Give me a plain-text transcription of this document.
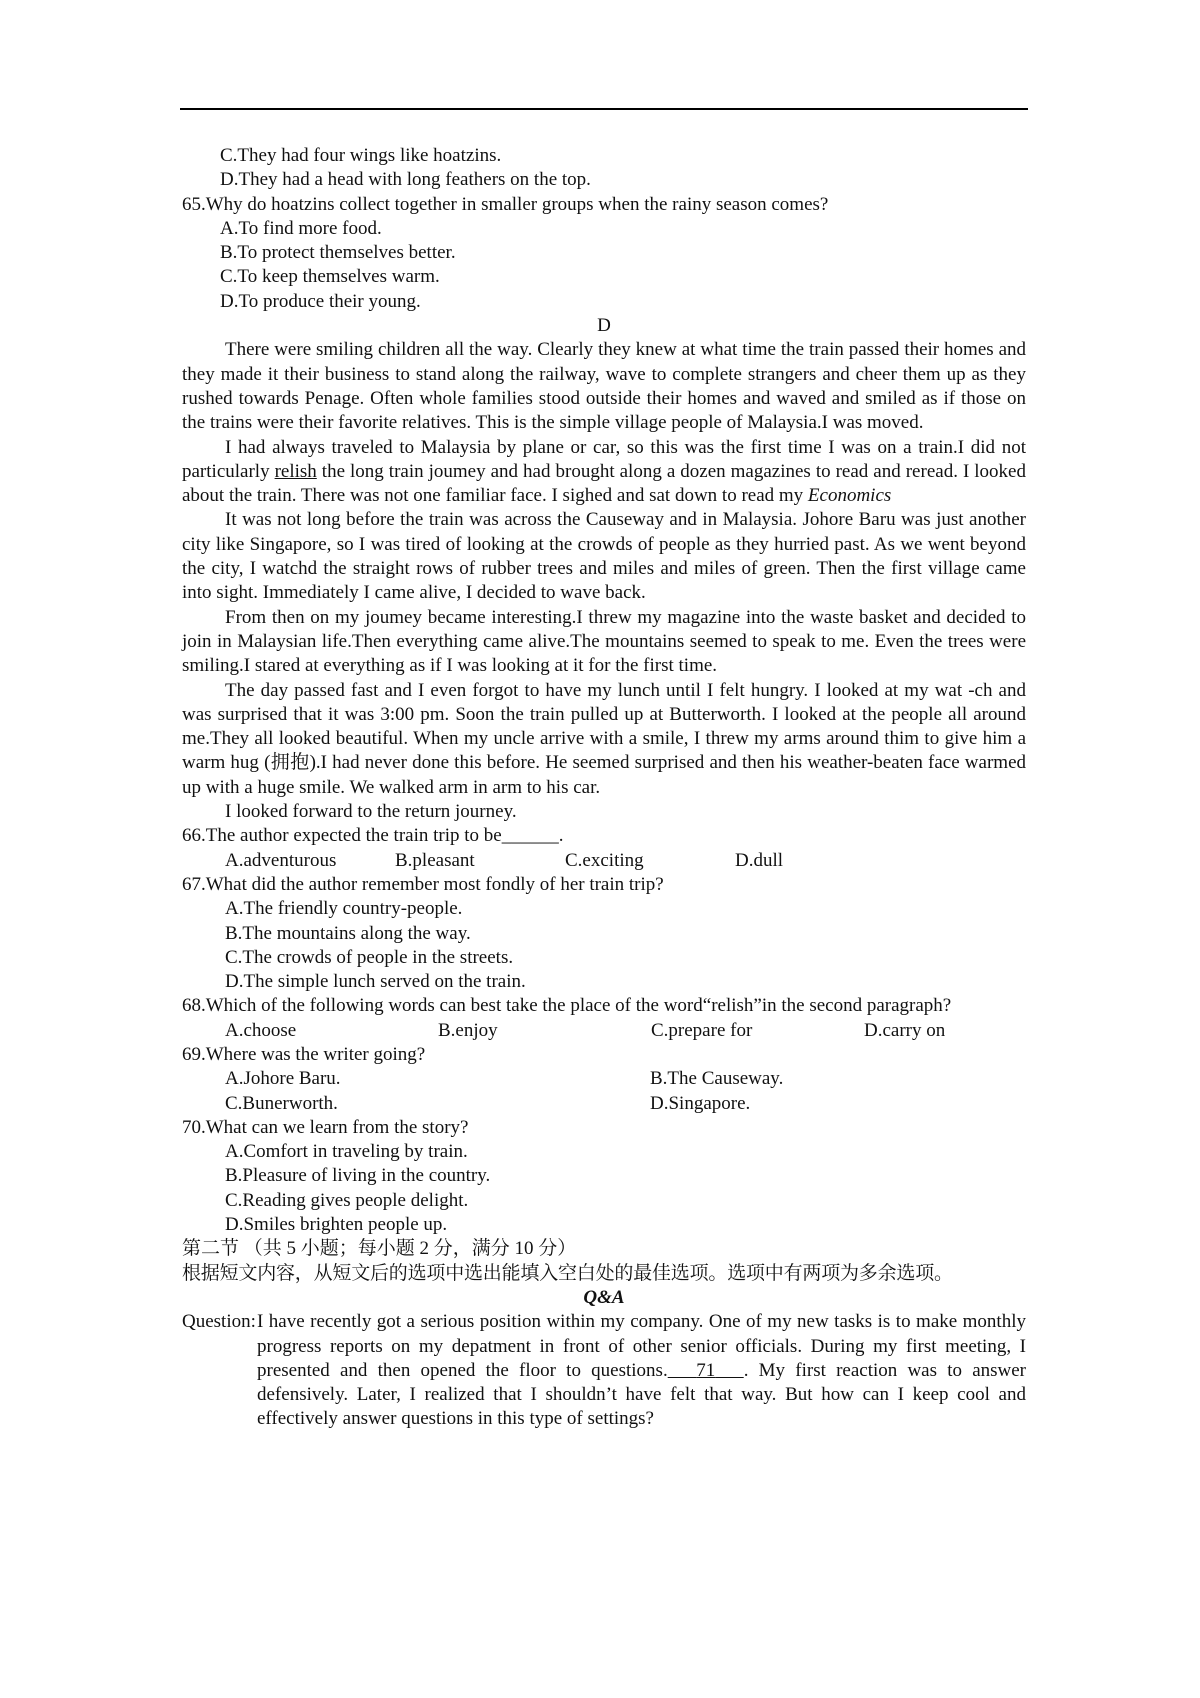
C.They had four wings like hoatzins.
D.They had a head with long feathers on the top.
65.Why do hoatzins collect together in smaller groups when the rainy season comes?
A.To find more food.
B.To protect themselves better.
C.To keep themselves warm.
D.To produce their young.
D
There were smiling children all the way. Clearly they knew at what time the train passed their homes and they made it their business to stand along the railway, wave to complete strangers and cheer them up as they rushed towards Penage. Often whole families stood outside their homes and waved and smiled as if those on the trains were their favorite relatives. This is the simple village people of Malaysia.I was moved.
I had always traveled to Malaysia by plane or car, so this was the first time I was on a train.I did not particularly relish the long train joumey and had brought along a dozen magazines to read and reread. I looked about the train. There was not one familiar face. I sighed and sat down to read my Economics
It was not long before the train was across the Causeway and in Malaysia. Johore Baru was just another city like Singapore, so I was tired of looking at the crowds of people as they hurried past. As we went beyond the city, I watchd the straight rows of rubber trees and miles and miles of green. Then the first village came into sight. Immediately I came alive, I decided to wave back.
From then on my joumey became interesting.I threw my magazine into the waste basket and decided to join in Malaysian life.Then everything came alive.The mountains seemed to speak to me. Even the trees were smiling.I stared at everything as if I was looking at it for the first time.
The day passed fast and I even forgot to have my lunch until I felt hungry. I looked at my wat -ch and was surprised that it was 3:00 pm. Soon the train pulled up at Butterworth. I looked at the people all around me.They all looked beautiful. When my uncle arrive with a smile, I threw my arms around thim to give him a warm hug (拥抱).I had never done this before. He seemed surprised and then his weather-beaten face warmed up with a huge smile. We walked arm in arm to his car.
I looked forward to the return journey.
66.The author expected the train trip to be______.
A.adventurous	B.pleasant	C.exciting	D.dull
67.What did the author remember most fondly of her train trip?
A.The friendly country-people.
B.The mountains along the way.
C.The crowds of people in the streets.
D.The simple lunch served on the train.
68.Which of the following words can best take the place of the word“relish”in the second paragraph?
A.choose	B.enjoy	C.prepare for	D.carry on
69.Where was the writer going?
A.Johore Baru.	B.The Causeway.
C.Bunerworth.	D.Singapore.
70.What can we learn from the story?
A.Comfort in traveling by train.
B.Pleasure of living in the country.
C.Reading gives people delight.
D.Smiles brighten people up.
第二节 （共 5 小题；每小题 2 分，满分 10 分）
根据短文内容，从短文后的选项中选出能填入空白处的最佳选项。选项中有两项为多余选项。
Q&A
Question: I have recently got a serious position within my company. One of my new tasks is to make monthly progress reports on my depatment in front of other senior officials. During my first meeting, I presented and then opened the floor to questions. 71 . My first reaction was to answer defensively. Later, I realized that I shouldn’t have felt that way. But how can I keep cool and effectively answer questions in this type of settings?
